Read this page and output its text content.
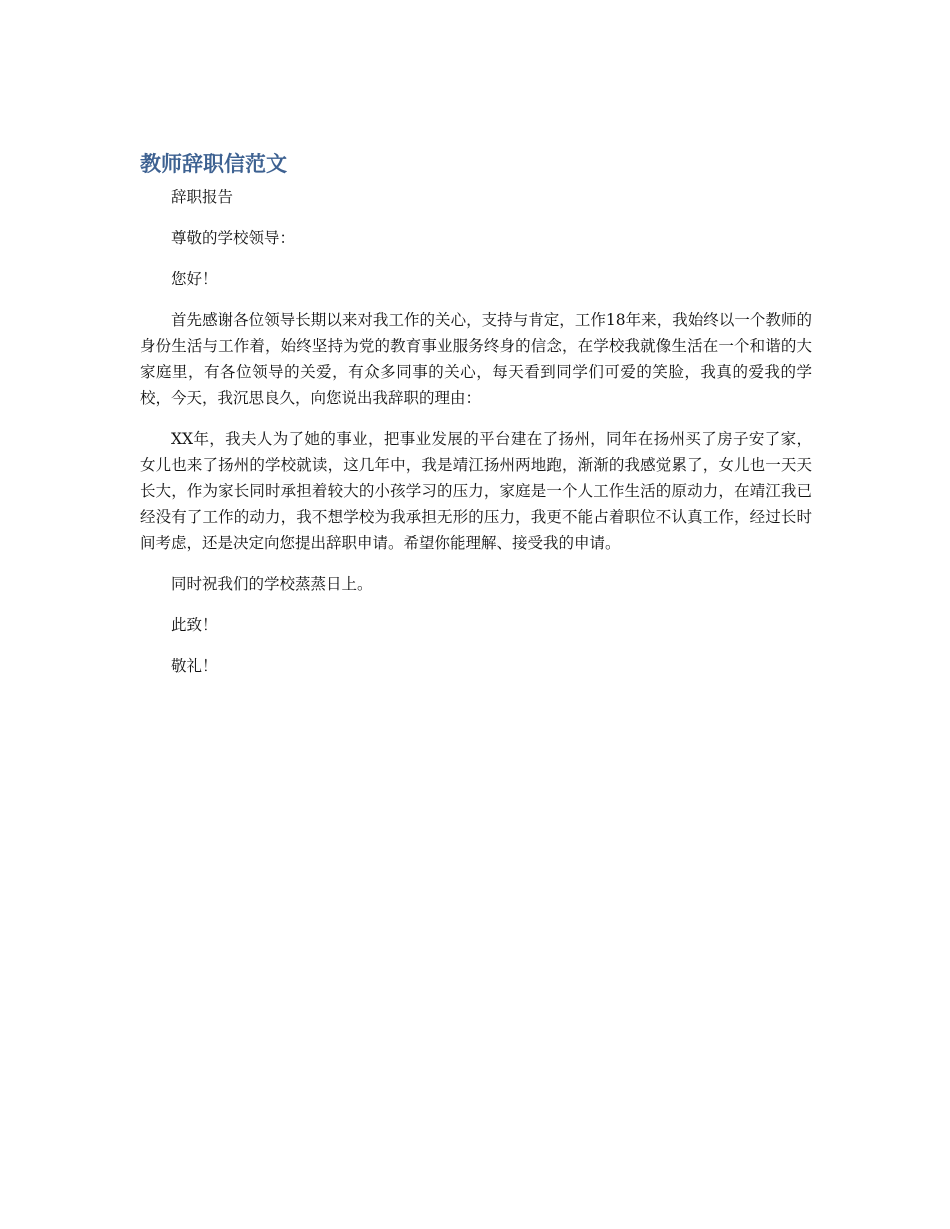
教师辞职信范文

辞职报告

尊敬的学校领导：

您好！

首先感谢各位领导长期以来对我工作的关心，支持与肯定，工作18年来，我始终以一个教师的身份生活与工作着，始终坚持为党的教育事业服务终身的信念，在学校我就像生活在一个和谐的大家庭里，有各位领导的关爱，有众多同事的关心，每天看到同学们可爱的笑脸，我真的爱我的学校，今天，我沉思良久，向您说出我辞职的理由：

XX年，我夫人为了她的事业，把事业发展的平台建在了扬州，同年在扬州买了房子安了家，女儿也来了扬州的学校就读，这几年中，我是靖江扬州两地跑，渐渐的我感觉累了，女儿也一天天长大，作为家长同时承担着较大的小孩学习的压力，家庭是一个人工作生活的原动力，在靖江我已经没有了工作的动力，我不想学校为我承担无形的压力，我更不能占着职位不认真工作，经过长时间考虑，还是决定向您提出辞职申请。希望你能理解、接受我的申请。

同时祝我们的学校蒸蒸日上。

此致！

敬礼！
